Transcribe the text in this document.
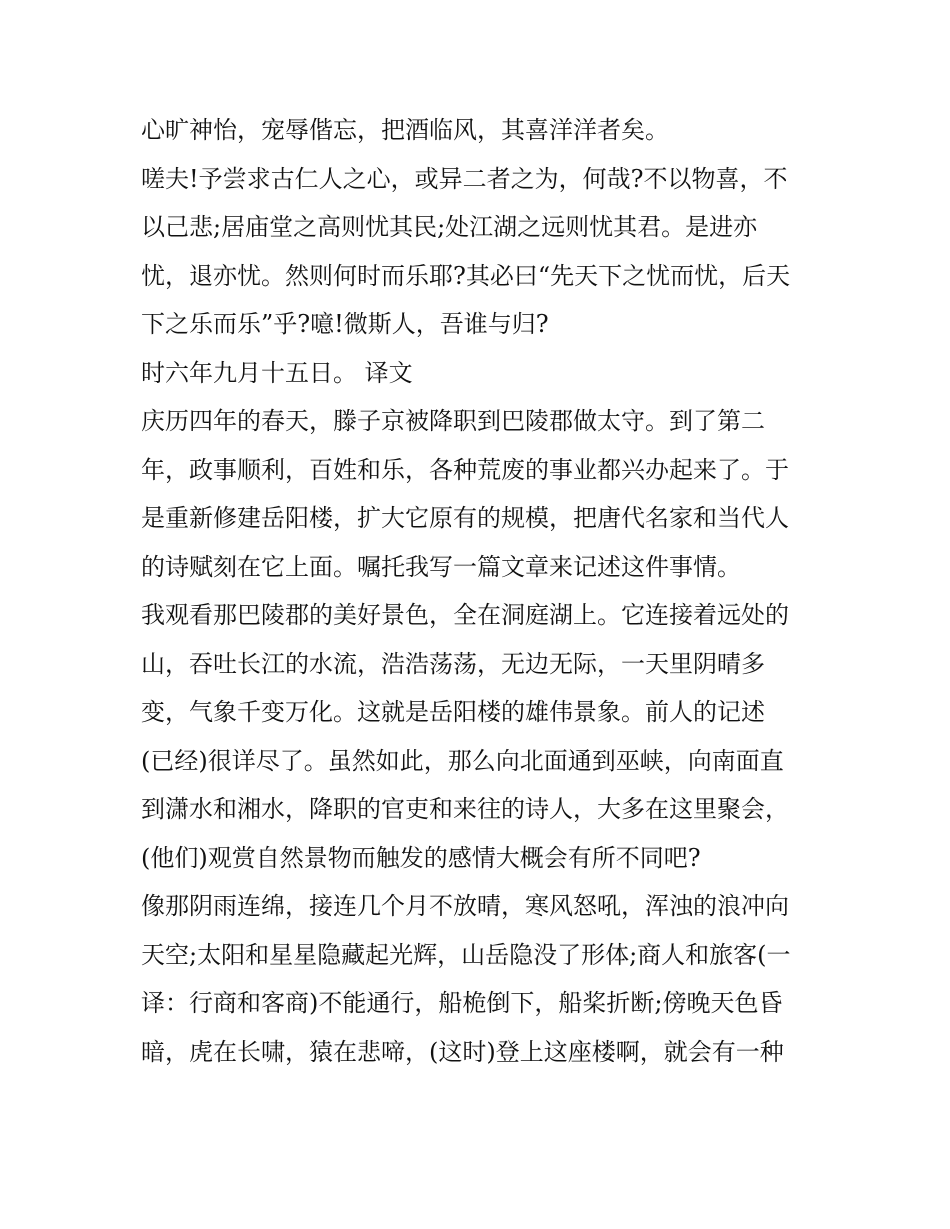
心旷神怡，宠辱偕忘，把酒临风，其喜洋洋者矣。
嗟夫!予尝求古仁人之心，或异二者之为，何哉?不以物喜，不
以己悲;居庙堂之高则忧其民;处江湖之远则忧其君。是进亦
忧，退亦忧。然则何时而乐耶?其必曰“先天下之忧而忧，后天
下之乐而乐”乎?噫!微斯人，吾谁与归?
时六年九月十五日。 译文
庆历四年的春天，滕子京被降职到巴陵郡做太守。到了第二
年，政事顺利，百姓和乐，各种荒废的事业都兴办起来了。于
是重新修建岳阳楼，扩大它原有的规模，把唐代名家和当代人
的诗赋刻在它上面。嘱托我写一篇文章来记述这件事情。
我观看那巴陵郡的美好景色，全在洞庭湖上。它连接着远处的
山，吞吐长江的水流，浩浩荡荡，无边无际，一天里阴晴多
变，气象千变万化。这就是岳阳楼的雄伟景象。前人的记述
(已经)很详尽了。虽然如此，那么向北面通到巫峡，向南面直
到潇水和湘水，降职的官吏和来往的诗人，大多在这里聚会，
(他们)观赏自然景物而触发的感情大概会有所不同吧?
像那阴雨连绵，接连几个月不放晴，寒风怒吼，浑浊的浪冲向
天空;太阳和星星隐藏起光辉，山岳隐没了形体;商人和旅客(一
译：行商和客商)不能通行，船桅倒下，船桨折断;傍晚天色昏
暗，虎在长啸，猿在悲啼，(这时)登上这座楼啊，就会有一种
